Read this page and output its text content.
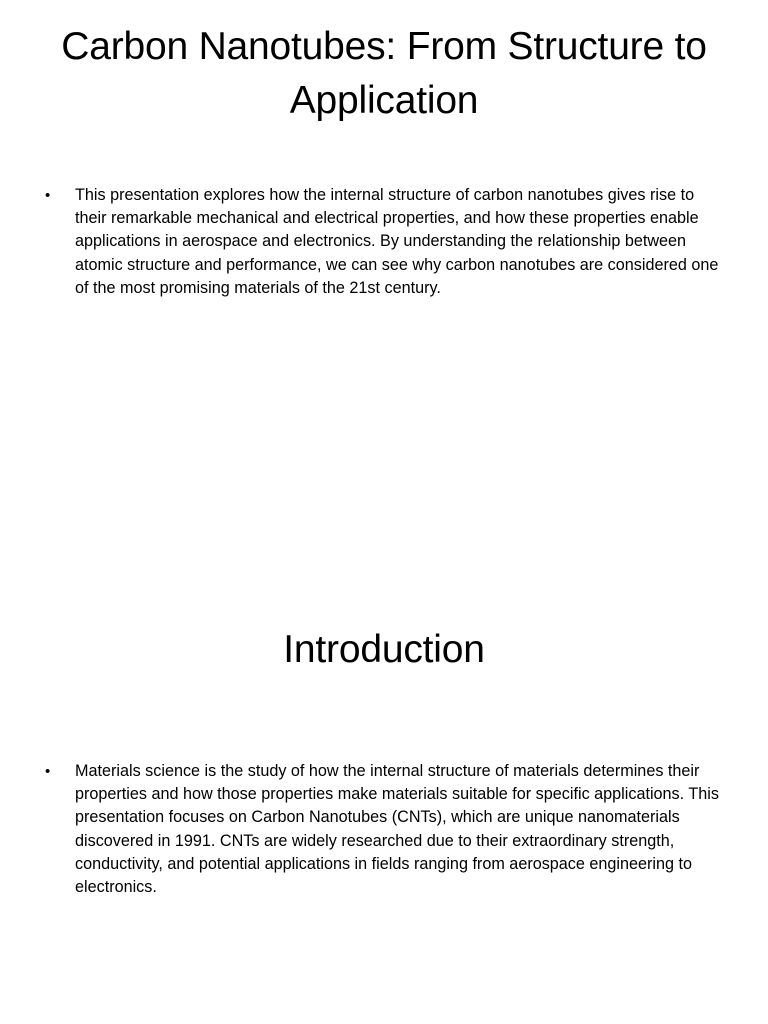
Carbon Nanotubes: From Structure to Application
• This presentation explores how the internal structure of carbon nanotubes gives rise to their remarkable mechanical and electrical properties, and how these properties enable applications in aerospace and electronics. By understanding the relationship between atomic structure and performance, we can see why carbon nanotubes are considered one of the most promising materials of the 21st century.
Introduction
• Materials science is the study of how the internal structure of materials determines their properties and how those properties make materials suitable for specific applications. This presentation focuses on Carbon Nanotubes (CNTs), which are unique nanomaterials discovered in 1991. CNTs are widely researched due to their extraordinary strength, conductivity, and potential applications in fields ranging from aerospace engineering to electronics.
